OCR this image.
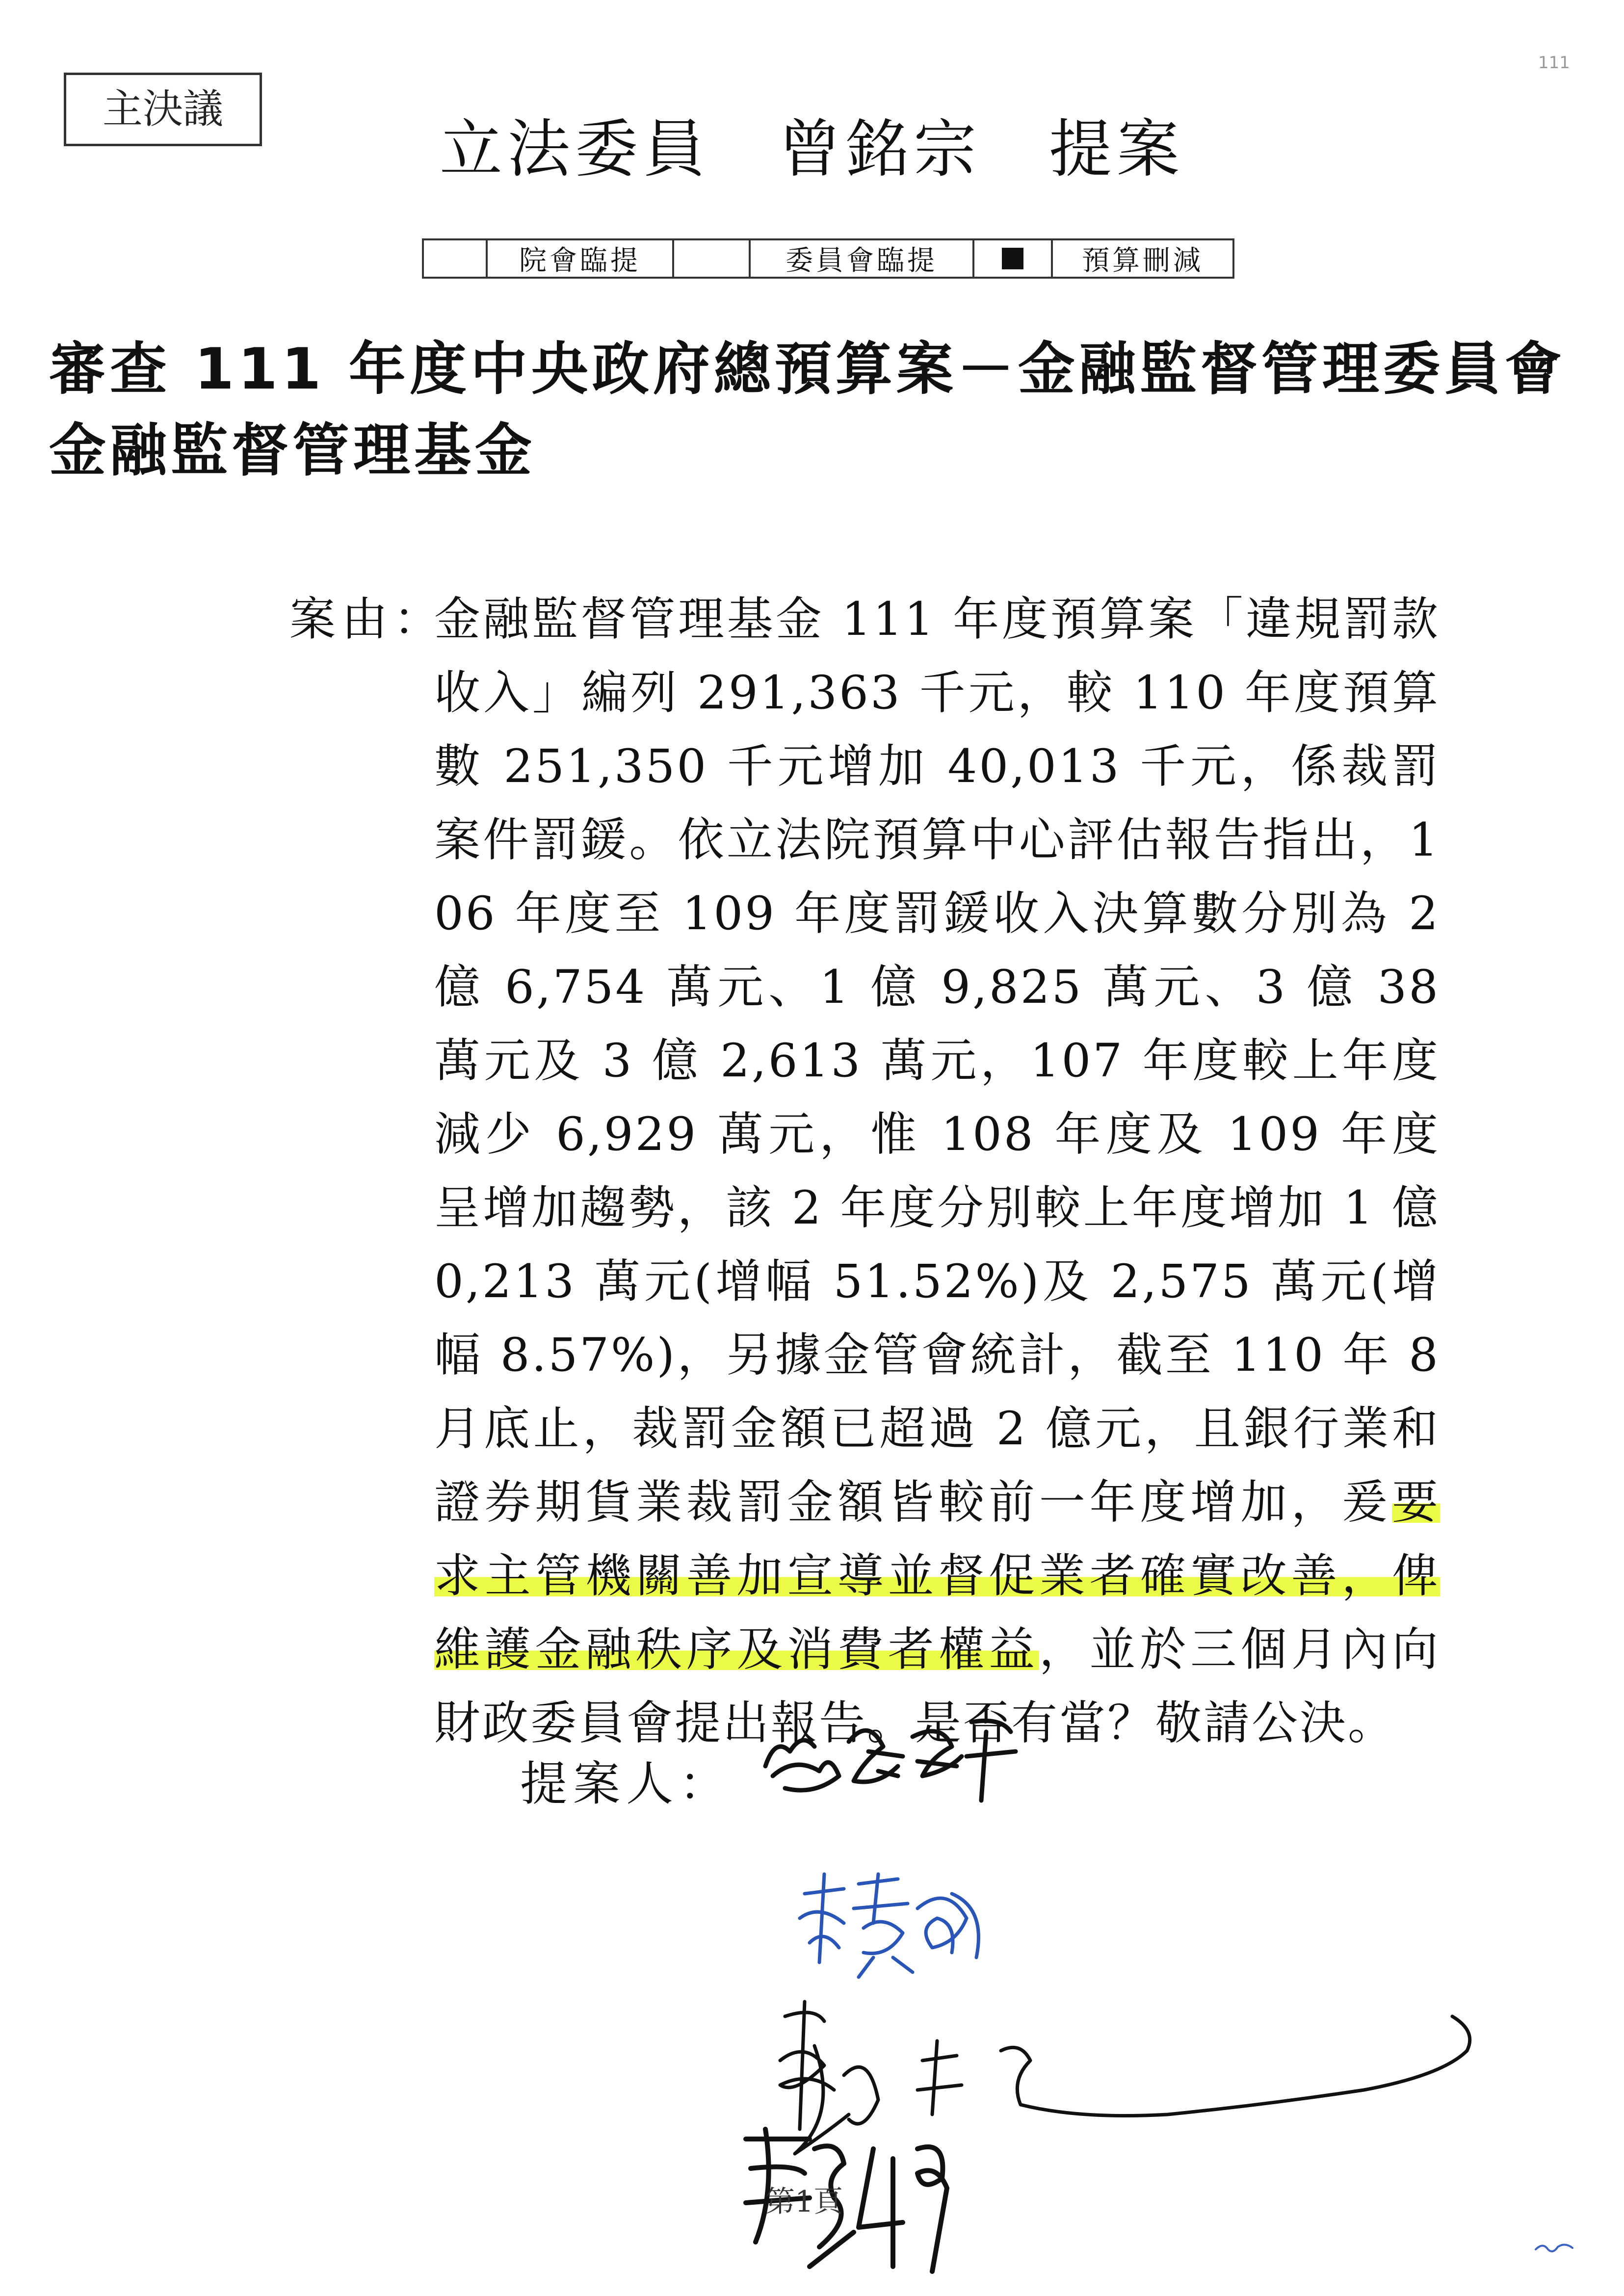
主決議
111
立法委員　曾銘宗　提案
院會臨提	委員會臨提	預算刪減
審查 111 年度中央政府總預算案－金融監督管理委員會
金融監督管理基金
案由：
金融監督管理基金 111 年度預算案「違規罰款收入」編列 291,363 千元，較 110 年度預算數 251,350 千元增加 40,013 千元，係裁罰案件罰鍰。依立法院預算中心評估報告指出，106 年度至 109 年度罰鍰收入決算數分別為 2 億 6,754 萬元、1 億 9,825 萬元、3 億 38 萬元及 3 億 2,613 萬元，107 年度較上年度減少 6,929 萬元，惟 108 年度及 109 年度呈增加趨勢，該 2 年度分別較上年度增加 1 億 0,213 萬元(增幅 51.52%)及 2,575 萬元(增幅 8.57%)，另據金管會統計，截至 110 年 8 月底止，裁罰金額已超過 2 億元，且銀行業和證券期貨業裁罰金額皆較前一年度增加，爰要求主管機關善加宣導並督促業者確實改善，俾維護金融秩序及消費者權益，並於三個月內向財政委員會提出報告。是否有當？敬請公決。
提案人：
第1頁
